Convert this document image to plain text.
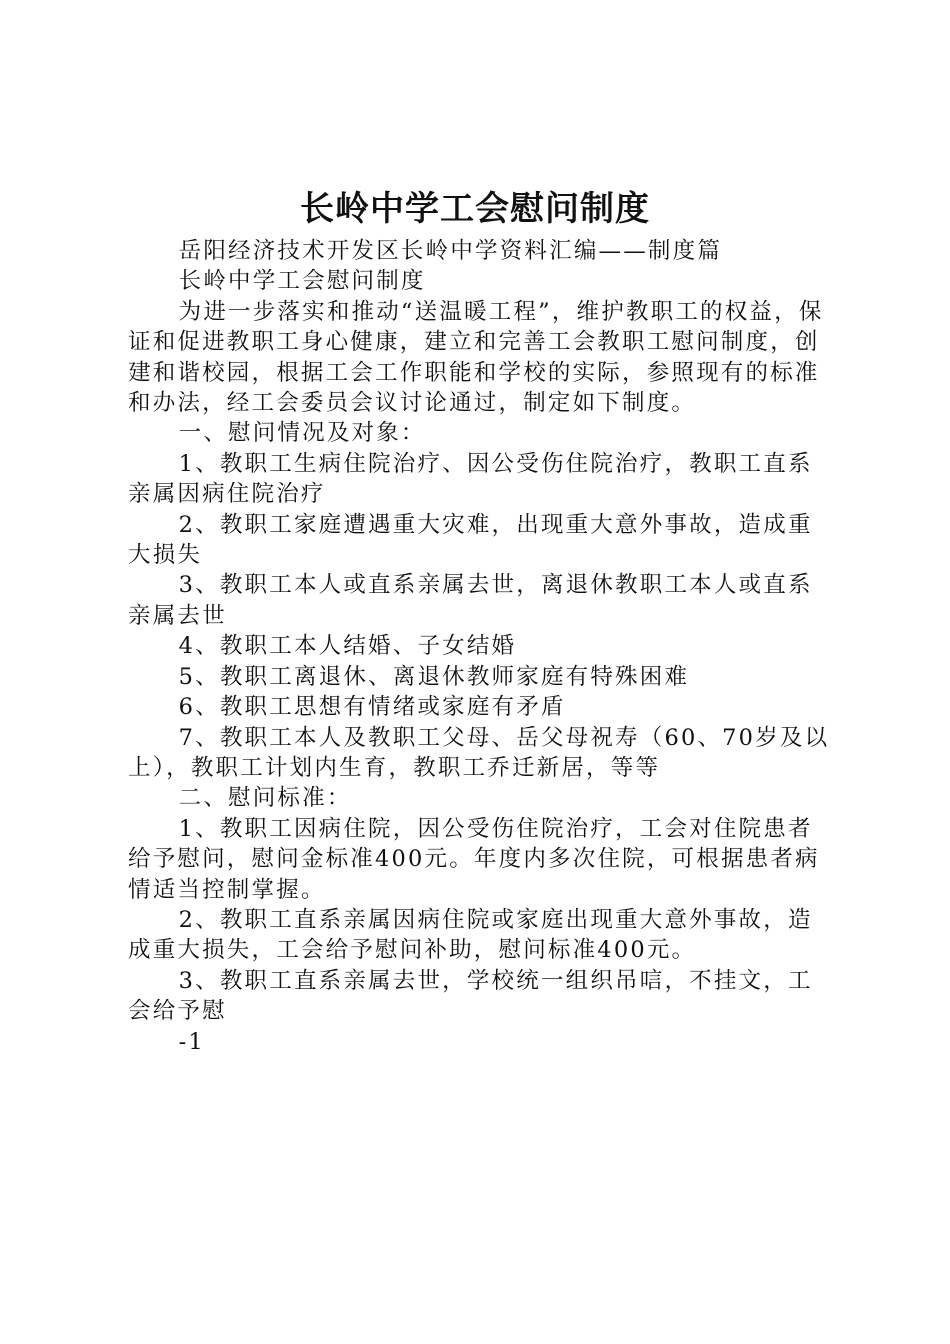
长岭中学工会慰问制度

岳阳经济技术开发区长岭中学资料汇编——制度篇

长岭中学工会慰问制度

为进一步落实和推动“送温暖工程”，维护教职工的权益，保证和促进教职工身心健康，建立和完善工会教职工慰问制度，创建和谐校园，根据工会工作职能和学校的实际，参照现有的标准和办法，经工会委员会议讨论通过，制定如下制度。

一、慰问情况及对象：

1、教职工生病住院治疗、因公受伤住院治疗，教职工直系亲属因病住院治疗

2、教职工家庭遭遇重大灾难，出现重大意外事故，造成重大损失

3、教职工本人或直系亲属去世，离退休教职工本人或直系亲属去世

4、教职工本人结婚、子女结婚

5、教职工离退休、离退休教师家庭有特殊困难

6、教职工思想有情绪或家庭有矛盾

7、教职工本人及教职工父母、岳父母祝寿（60、70岁及以上），教职工计划内生育，教职工乔迁新居，等等

二、慰问标准：

1、教职工因病住院，因公受伤住院治疗，工会对住院患者给予慰问，慰问金标准400元。年度内多次住院，可根据患者病情适当控制掌握。

2、教职工直系亲属因病住院或家庭出现重大意外事故，造成重大损失，工会给予慰问补助，慰问标准400元。

3、教职工直系亲属去世，学校统一组织吊唁，不挂文，工会给予慰

-1
